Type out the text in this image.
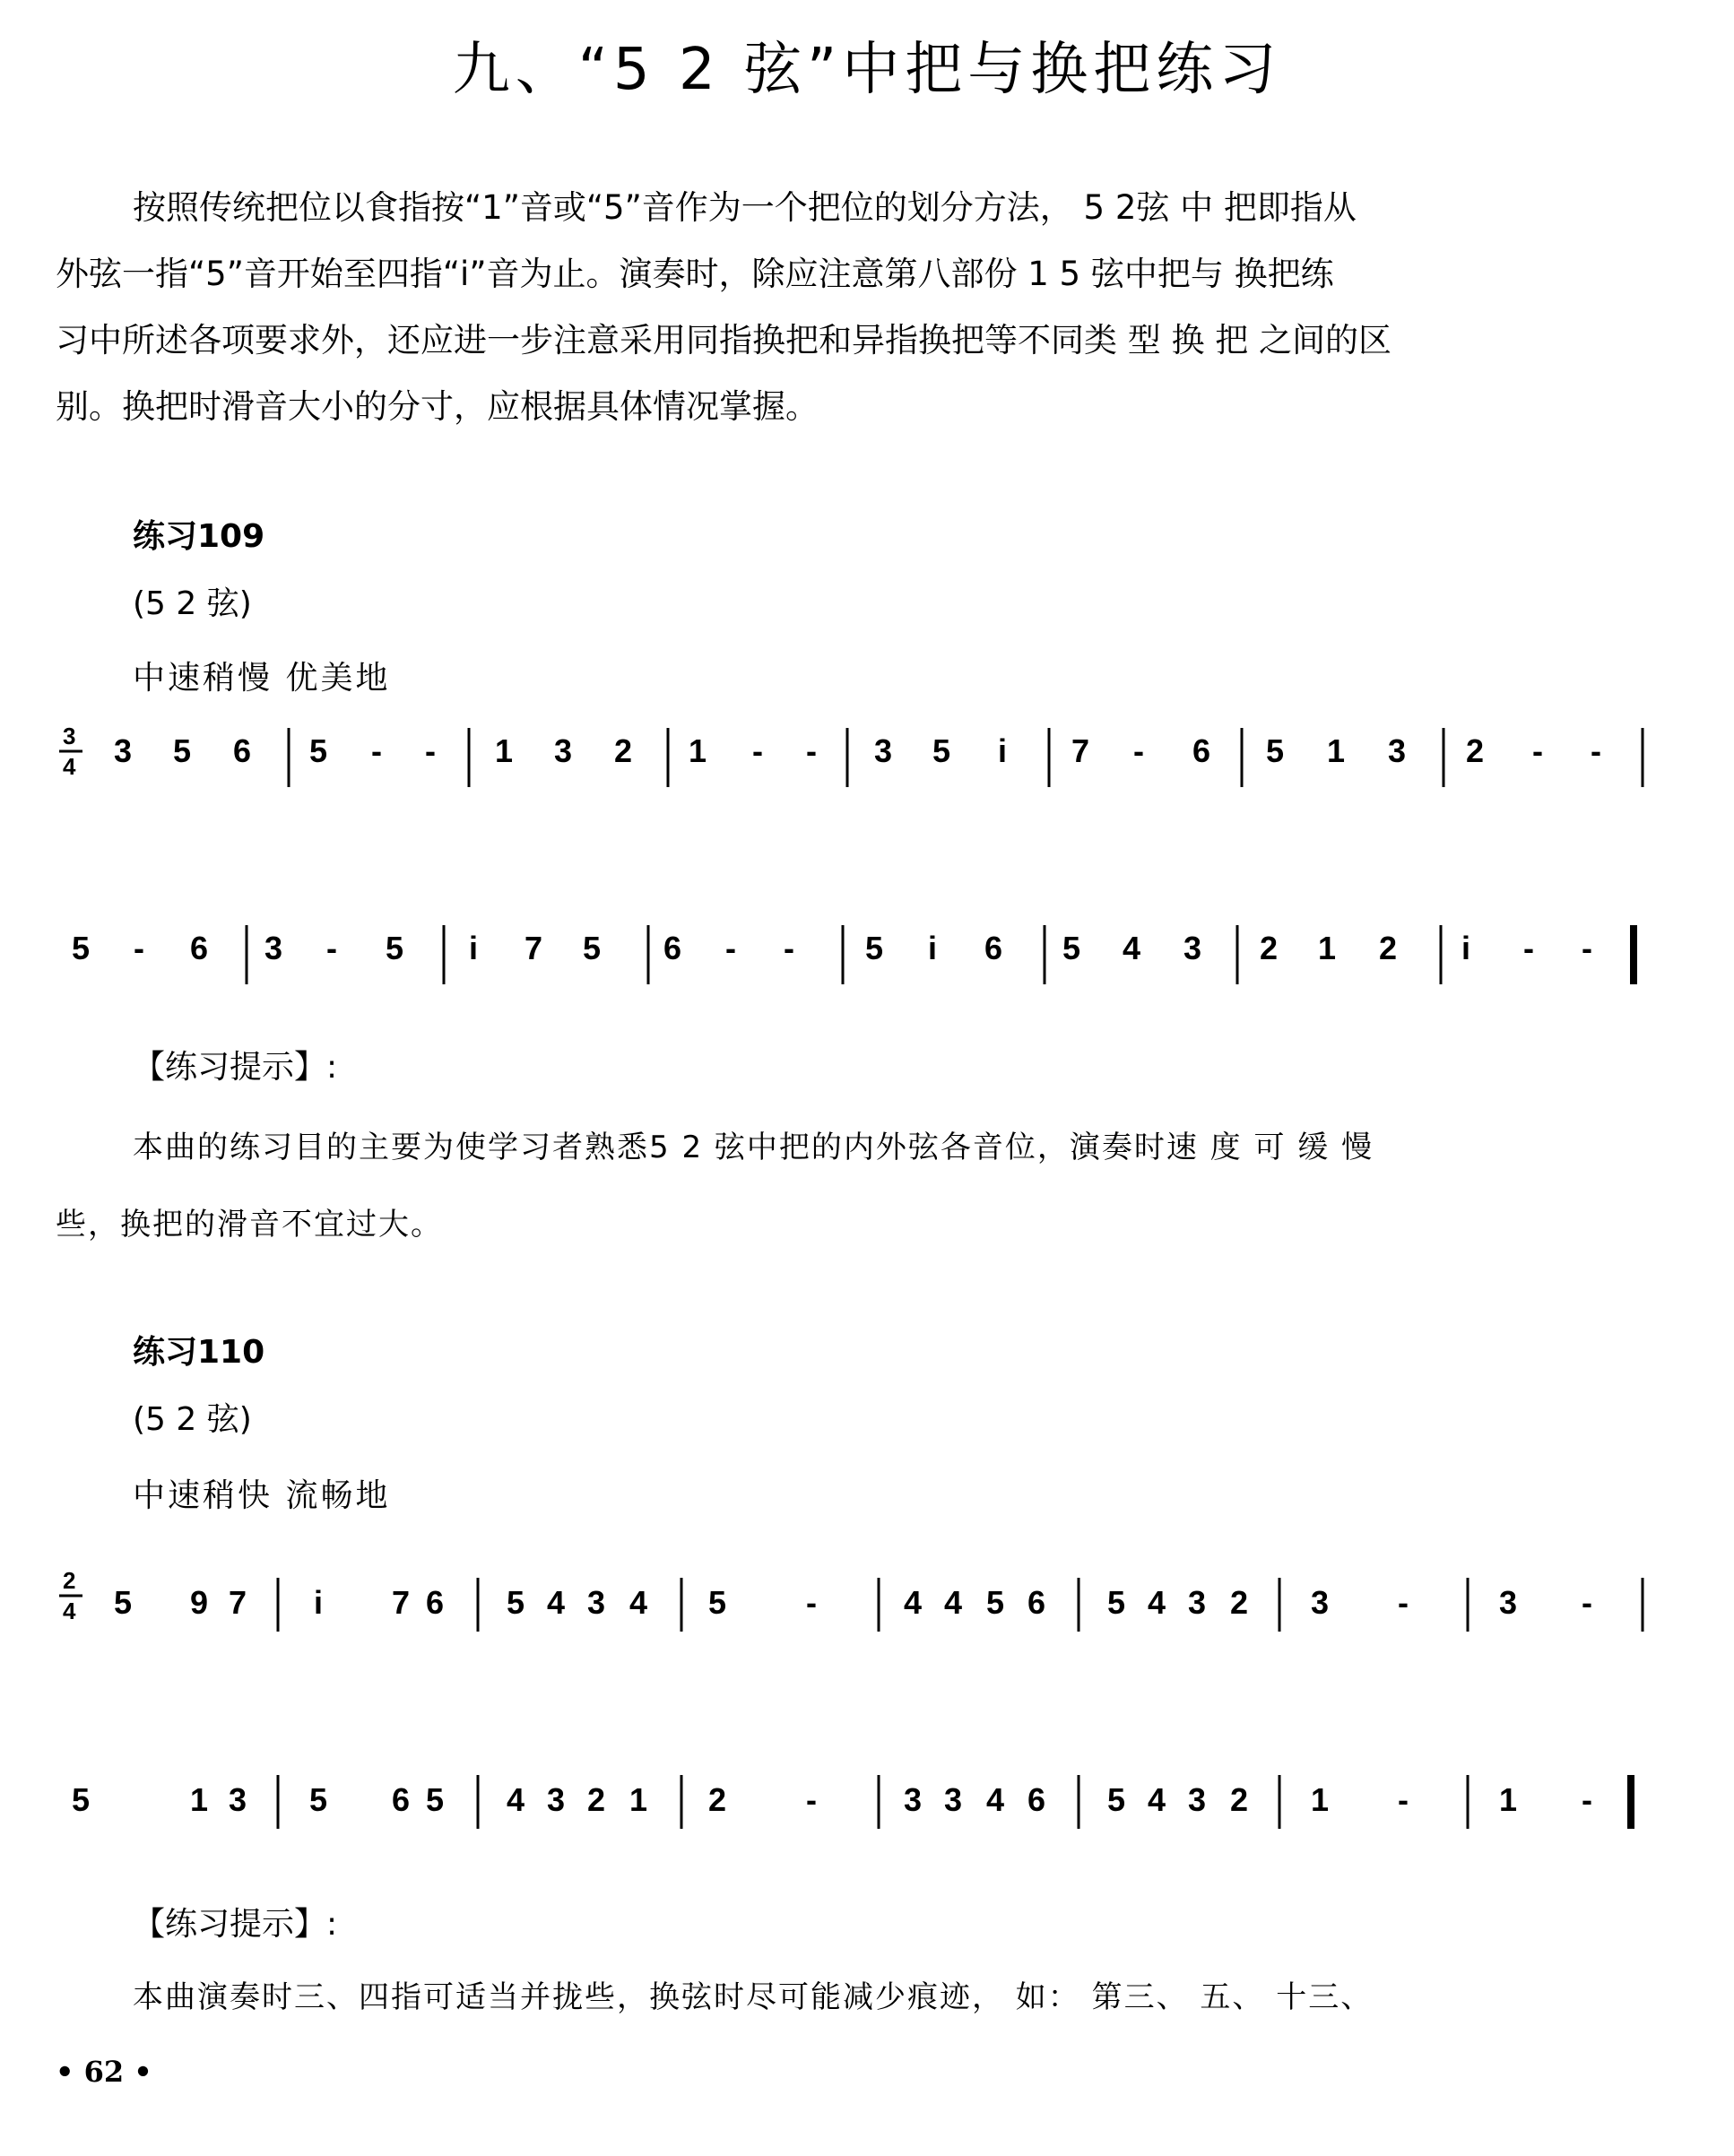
九、“5 2 弦”中把与换把练习
按照传统把位以食指按“1”音或“5”音作为一个把位的划分方法， 5 2弦 中 把即指从
外弦一指“5”音开始至四指“i”音为止。演奏时，除应注意第八部份 1 5 弦中把与 换把练
习中所述各项要求外，还应进一步注意采用同指换把和异指换把等不同类 型 换 把 之间的区
别。换把时滑音大小的分寸，应根据具体情况掌握。
练习109
(5 2 弦)
中速稍慢 优美地
3
4 3 5 6 5 - - 1 3 2 1 - - 3 5 i 7 - 6 5 1 3 2 - -
5 - 6 3 - 5 i 7 5 6 - - 5 i 6 5 4 3 2 1 2 i - -
【练习提示】:
本曲的练习目的主要为使学习者熟悉5 2 弦中把的内外弦各音位，演奏时速 度 可 缓 慢
些，换把的滑音不宜过大。
练习110
(5 2 弦)
中速稍快 流畅地
2
4 5 9 7 i 7 6 5 4 3 4 5 -	4 4 5 6 5 4 3 2 3 -	3 -
5	1 3 5 6 5 4 3 2 1 2 -	3 3 4 6 5 4 3 2 1 -	1 -
【练习提示】:
本曲演奏时三、四指可适当并拢些，换弦时尽可能减少痕迹， 如： 第三、 五、 十三、
• 62 •
